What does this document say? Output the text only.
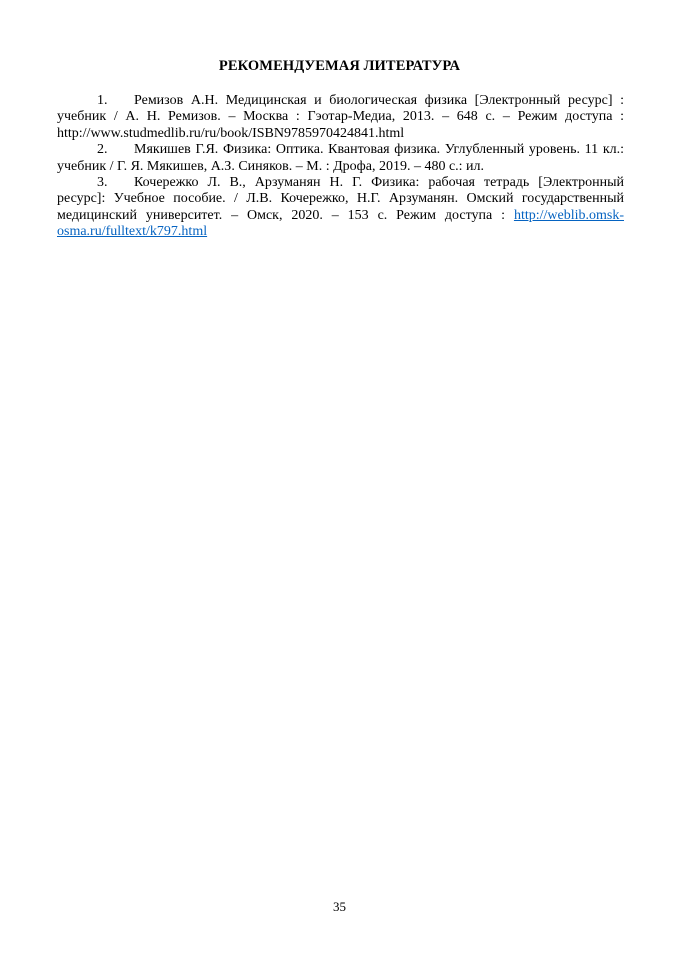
РЕКОМЕНДУЕМАЯ ЛИТЕРАТУРА
1. Ремизов А.Н. Медицинская и биологическая физика [Электронный ресурс] : учебник / А. Н. Ремизов. – Москва : Гэотар-Медиа, 2013. – 648 с. – Режим доступа : http://www.studmedlib.ru/ru/book/ISBN9785970424841.html
2. Мякишев Г.Я. Физика: Оптика. Квантовая физика. Углубленный уровень. 11 кл.: учебник / Г. Я. Мякишев, А.З. Синяков. – М. : Дрофа, 2019. – 480 с.: ил.
3. Кочережко Л. В., Арзуманян Н. Г. Физика: рабочая тетрадь [Электронный ресурс]: Учебное пособие. / Л.В. Кочережко, Н.Г. Арзуманян. Омский государственный медицинский университет. – Омск, 2020. – 153 с. Режим доступа : http://weblib.omsk-osma.ru/fulltext/k797.html
35
